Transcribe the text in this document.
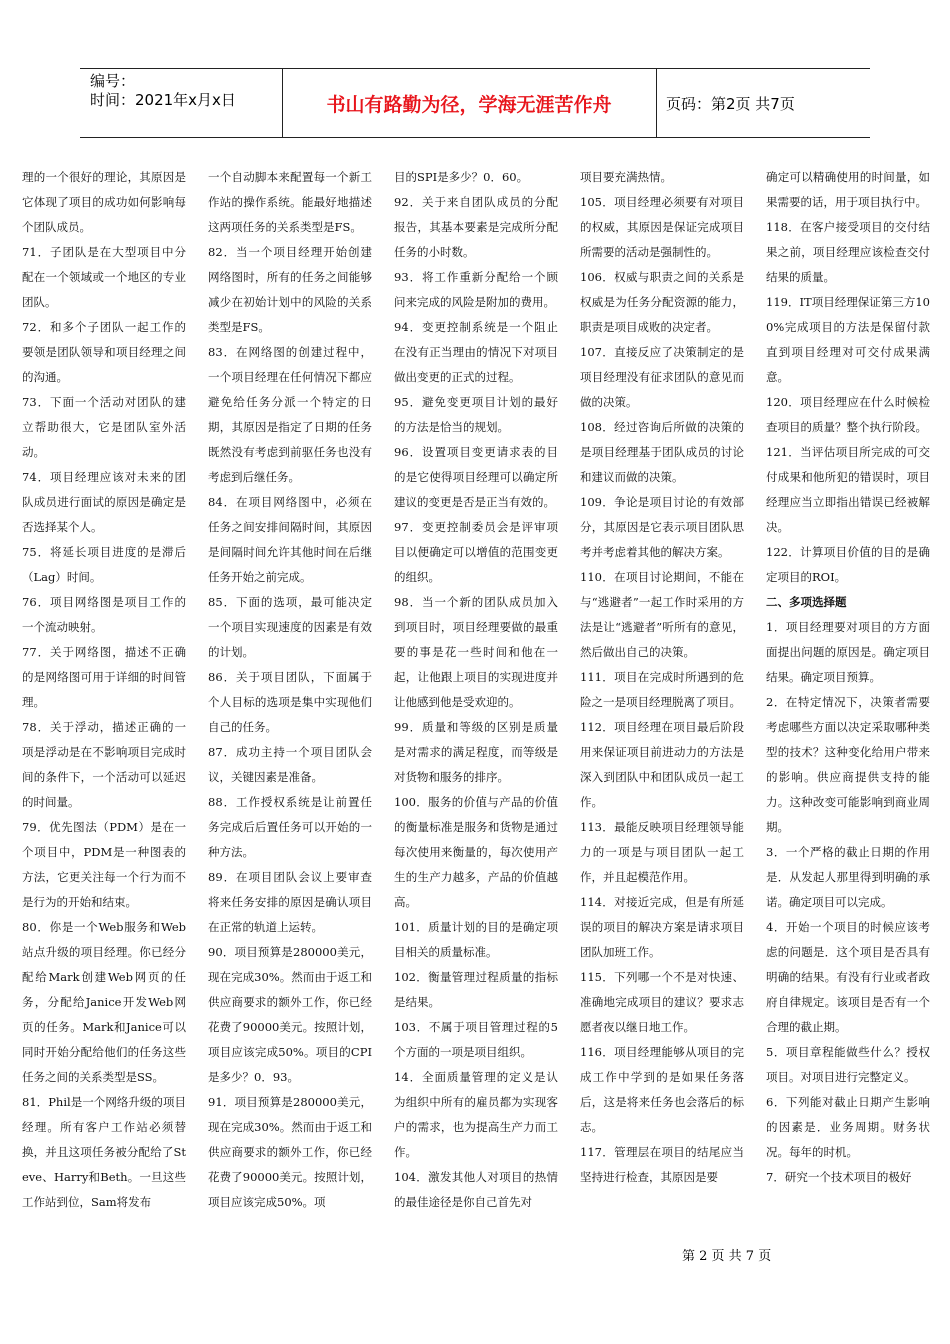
编号：
时间：2021年x月x日	书山有路勤为径，学海无涯苦作舟	页码：第2页 共7页

理的一个很好的理论，其原因是它体现了项目的成功如何影响每个团队成员。

71．子团队是在大型项目中分配在一个领域或一个地区的专业团队。

72．和多个子团队一起工作的要领是团队领导和项目经理之间的沟通。

73．下面一个活动对团队的建立帮助很大，它是团队室外活动。

74．项目经理应该对未来的团队成员进行面试的原因是确定是否选择某个人。

75．将延长项目进度的是滞后（Lag）时间。

76．项目网络图是项目工作的一个流动映射。

77．关于网络图，描述不正确的是网络图可用于详细的时间管理。

78．关于浮动，描述正确的一项是浮动是在不影响项目完成时间的条件下，一个活动可以延迟的时间量。

79．优先图法（PDM）是在一个项目中，PDM是一种图表的方法，它更关注每一个行为而不是行为的开始和结束。

80．你是一个Web服务和Web站点升级的项目经理。你已经分配给Mark创建Web网页的任务，分配给Janice开发Web网页的任务。Mark和Janice可以同时开始分配给他们的任务这些任务之间的关系类型是SS。

81．Phil是一个网络升级的项目经理。所有客户工作站必须替换，并且这项任务被分配给了Steve、Harry和Beth。一旦这些工作站到位，Sam将发布

一个自动脚本来配置每一个新工作站的操作系统。能最好地描述这两项任务的关系类型是FS。

82．当一个项目经理开始创建网络图时，所有的任务之间能够减少在初始计划中的风险的关系类型是FS。

83．在网络图的创建过程中，一个项目经理在任何情况下都应避免给任务分派一个特定的日期，其原因是指定了日期的任务既然没有考虑到前驱任务也没有考虑到后继任务。

84．在项目网络图中，必须在任务之间安排间隔时间，其原因是间隔时间允许其他时间在后继任务开始之前完成。

85．下面的选项，最可能决定一个项目实现速度的因素是有效的计划。

86．关于项目团队，下面属于个人目标的选项是集中实现他们自己的任务。

87．成功主持一个项目团队会议，关键因素是准备。

88．工作授权系统是让前置任务完成后后置任务可以开始的一种方法。

89．在项目团队会议上要审查将来任务安排的原因是确认项目在正常的轨道上运转。

90．项目预算是280000美元，现在完成30%。然而由于返工和供应商要求的额外工作，你已经花费了90000美元。按照计划，项目应该完成50%。项目的CPI是多少？0．93。

91．项目预算是280000美元，现在完成30%。然而由于返工和供应商要求的额外工作，你已经花费了90000美元。按照计划，项目应该完成50%。项

目的SPI是多少？0．60。

92．关于来自团队成员的分配报告，其基本要素是完成所分配任务的小时数。

93．将工作重新分配给一个顾问来完成的风险是附加的费用。

94．变更控制系统是一个阻止在没有正当理由的情况下对项目做出变更的正式的过程。

95．避免变更项目计划的最好的方法是恰当的规划。

96．设置项目变更请求表的目的是它使得项目经理可以确定所建议的变更是否是正当有效的。

97．变更控制委员会是评审项目以便确定可以增值的范围变更的组织。

98．当一个新的团队成员加入到项目时，项目经理要做的最重要的事是花一些时间和他在一起，让他跟上项目的实现进度并让他感到他是受欢迎的。

99．质量和等级的区别是质量是对需求的满足程度，而等级是对货物和服务的排序。

100．服务的价值与产品的价值的衡量标准是服务和货物是通过每次使用来衡量的，每次使用产生的生产力越多，产品的价值越高。

101．质量计划的目的是确定项目相关的质量标准。

102．衡量管理过程质量的指标是结果。

103．不属于项目管理过程的5个方面的一项是项目组织。

14．全面质量管理的定义是认为组织中所有的雇员都为实现客户的需求，也为提高生产力而工作。

104．激发其他人对项目的热情的最佳途径是你自己首先对

项目要充满热情。

105．项目经理必须要有对项目的权威，其原因是保证完成项目所需要的活动是强制性的。

106．权威与职责之间的关系是权威是为任务分配资源的能力，职责是项目成败的决定者。

107．直接反应了决策制定的是项目经理没有征求团队的意见而做的决策。

108．经过咨询后所做的决策的是项目经理基于团队成员的讨论和建议而做的决策。

109．争论是项目讨论的有效部分，其原因是它表示项目团队思考并考虑着其他的解决方案。

110．在项目讨论期间，不能在与“逃避者”一起工作时采用的方法是让“逃避者”听所有的意见，然后做出自己的决策。

111．项目在完成时所遇到的危险之一是项目经理脱离了项目。

112．项目经理在项目最后阶段用来保证项目前进动力的方法是深入到团队中和团队成员一起工作。

113．最能反映项目经理领导能力的一项是与项目团队一起工作，并且起模范作用。

114．对接近完成，但是有所延误的项目的解决方案是请求项目团队加班工作。

115．下列哪一个不是对快速、准确地完成项目的建议？要求志愿者夜以继日地工作。

116．项目经理能够从项目的完成工作中学到的是如果任务落后，这是将来任务也会落后的标志。

117．管理层在项目的结尾应当坚持进行检查，其原因是要

确定可以精确使用的时间量，如果需要的话，用于项目执行中。

118．在客户接受项目的交付结果之前，项目经理应该检查交付结果的质量。

119．IT项目经理保证第三方100%完成项目的方法是保留付款直到项目经理对可交付成果满意。

120．项目经理应在什么时候检查项目的质量？整个执行阶段。

121．当评估项目所完成的可交付成果和他所犯的错误时，项目经理应当立即指出错误已经被解决。

122．计算项目价值的目的是确定项目的ROI。

二、多项选择题

1．项目经理要对项目的方方面面提出问题的原因是。确定项目结果。确定项目预算。

2．在特定情况下，决策者需要考虑哪些方面以决定采取哪种类型的技术？这种变化给用户带来的影响。供应商提供支持的能力。这种改变可能影响到商业周期。

3．一个严格的截止日期的作用是．从发起人那里得到明确的承诺。确定项目可以完成。

4．开始一个项目的时候应该考虑的问题是．这个项目是否具有明确的结果。有没有行业或者政府自律规定。该项目是否有一个合理的截止期。

5．项目章程能做些什么？授权项目。对项目进行完整定义。

6．下列能对截止日期产生影响的因素是．业务周期。财务状况。每年的时机。

7．研究一个技术项目的极好

第 2 页 共 7 页
